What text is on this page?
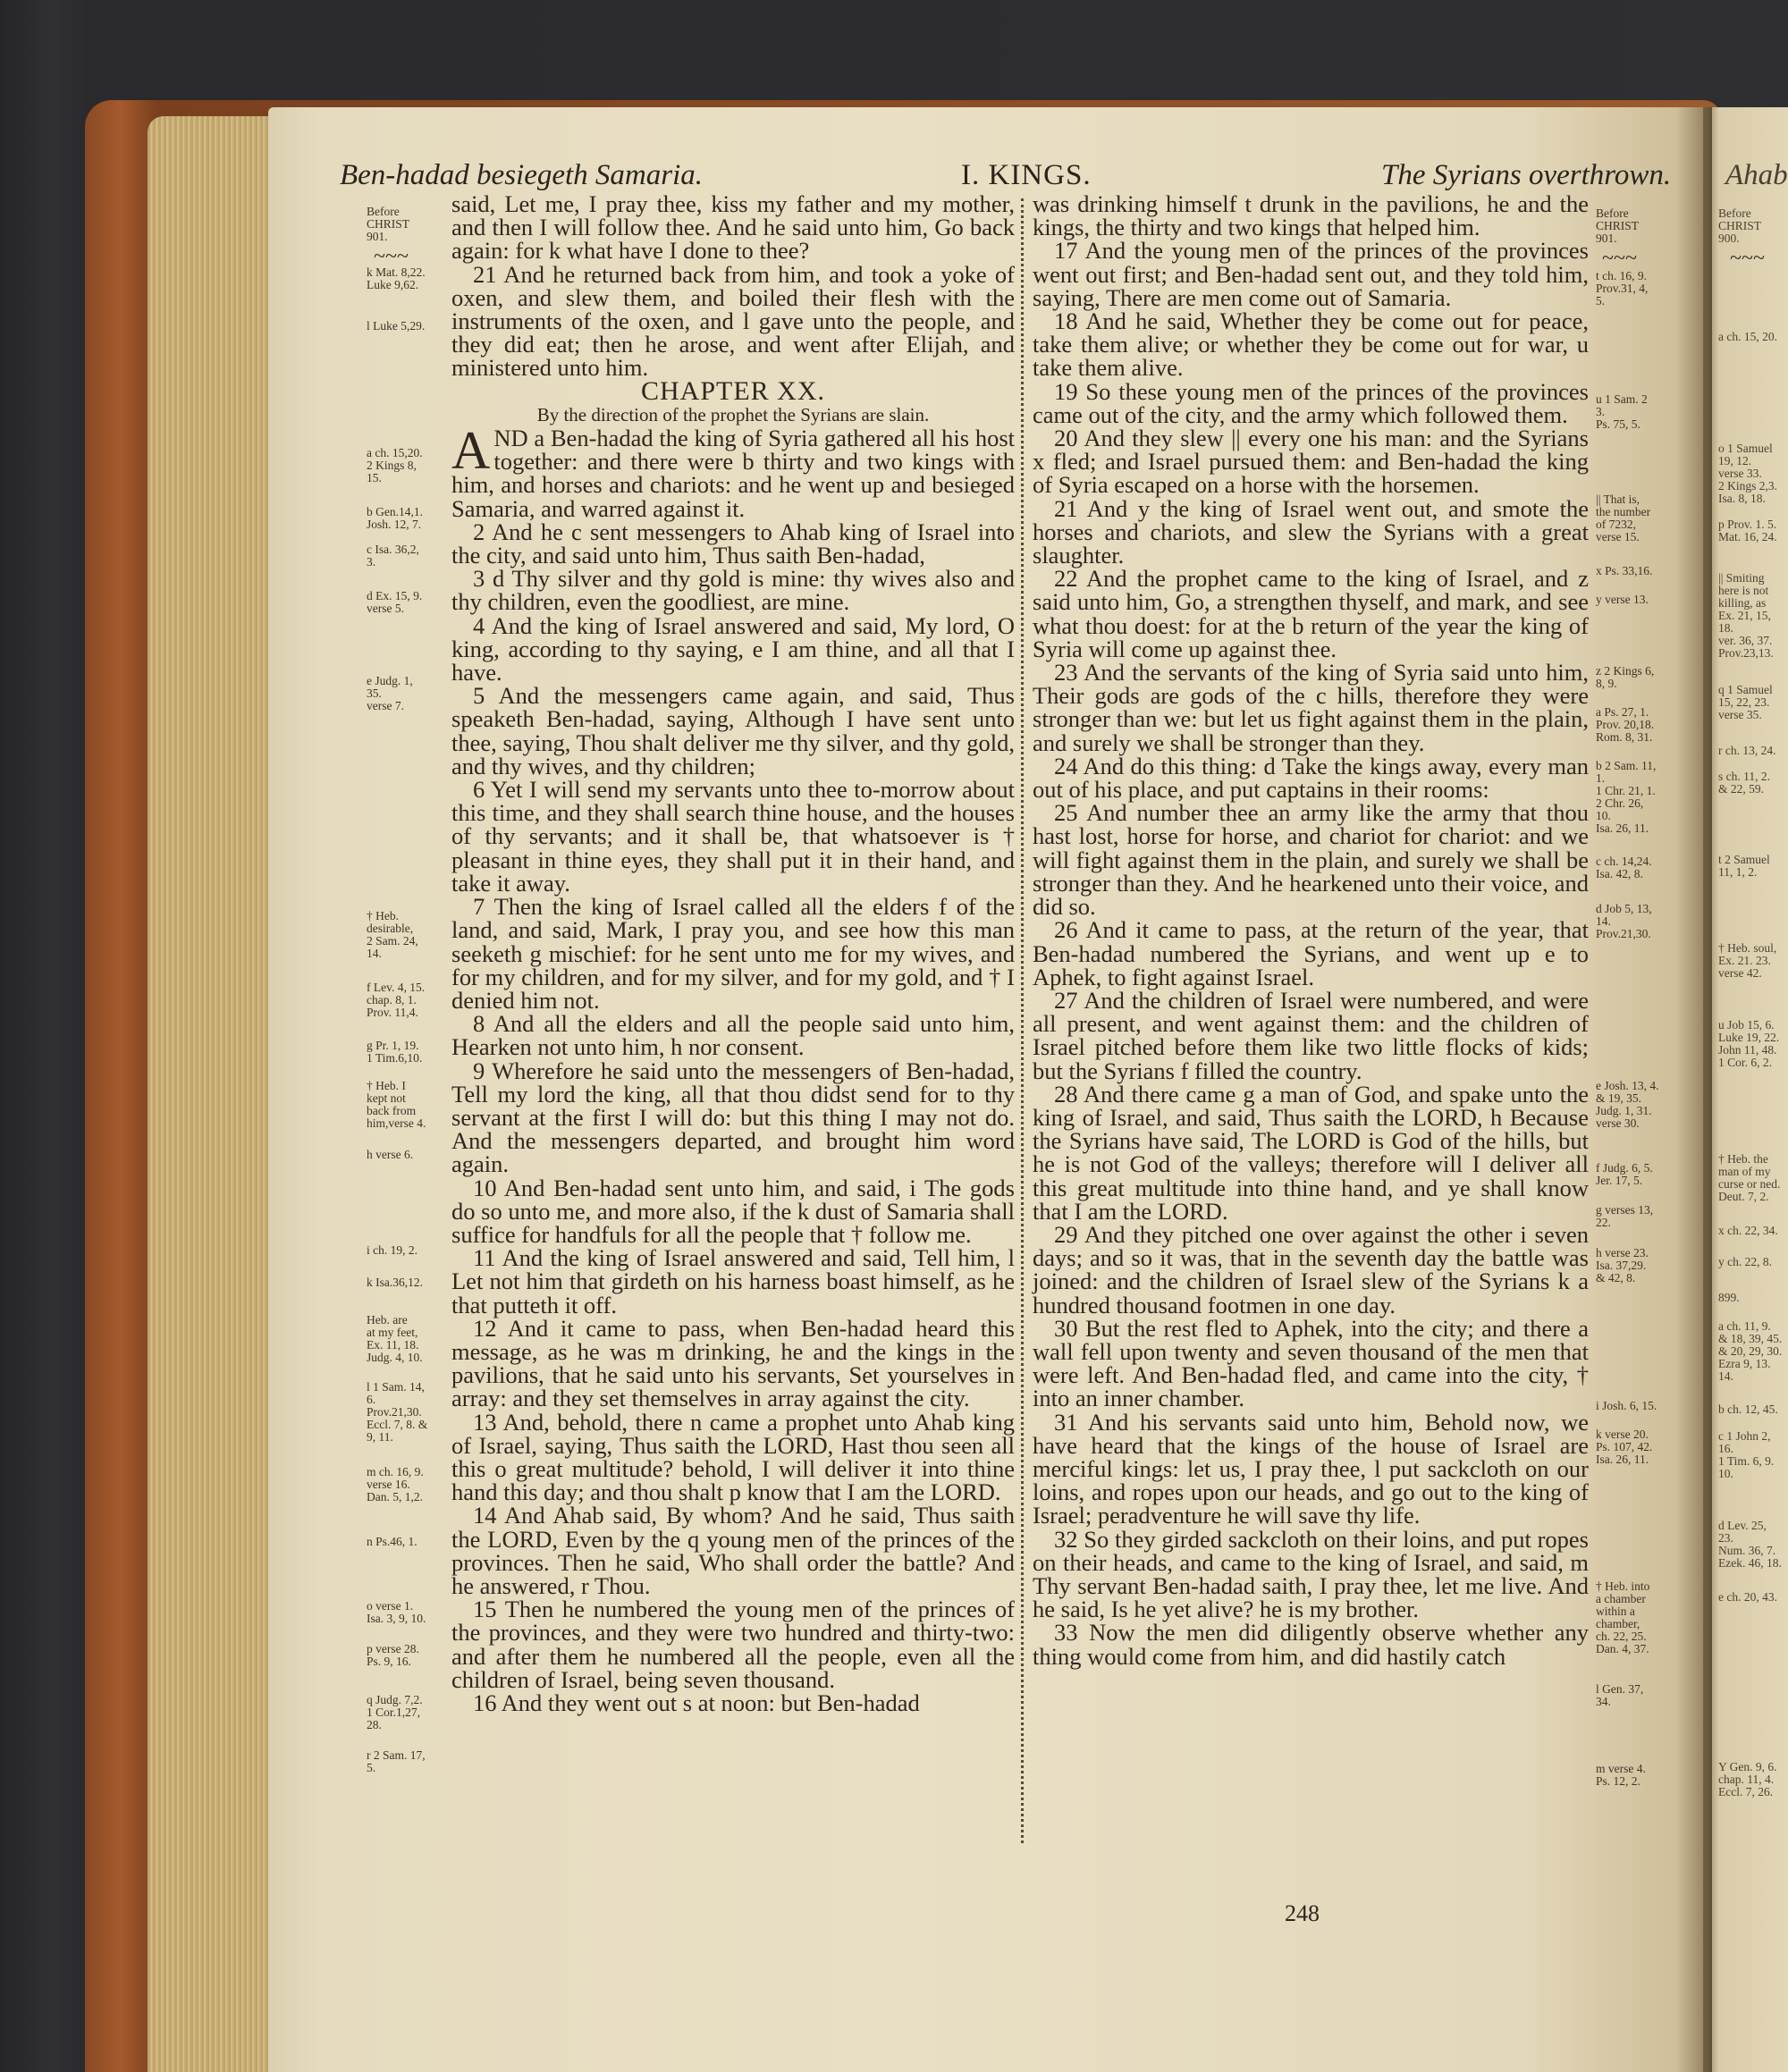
Ben-hadad besiegeth Samaria.	I. KINGS.	The Syrians overthrown. Ahab
~~~	~~~	~~~
Before
CHRIST
901.
k Mat. 8,22.
Luke 9,62.
l Luke 5,29.
a ch. 15,20.
2 Kings 8,
15.
b Gen.14,1.
Josh. 12, 7.
c Isa. 36,2,
3.
d Ex. 15, 9.
verse 5.
e Judg. 1,
35.
verse 7.
† Heb.
desirable,
2 Sam. 24,
14.
f Lev. 4, 15.
chap. 8, 1.
Prov. 11,4.
g Pr. 1, 19.
1 Tim.6,10.
† Heb. I
kept not
back from
him,verse 4.
h verse 6.
i ch. 19, 2.
k Isa.36,12.
Heb. are
at my feet,
Ex. 11, 18.
Judg. 4, 10.
l 1 Sam. 14,
6.
Prov.21,30.
Eccl. 7, 8. &
9, 11.
m ch. 16, 9.
verse 16.
Dan. 5, 1,2.
n Ps.46, 1.
o verse 1.
Isa. 3, 9, 10.
p verse 28.
Ps. 9, 16.
q Judg. 7,2.
1 Cor.1,27,
28.
r 2 Sam. 17,
5.
Before
CHRIST
901.
t ch. 16, 9.
Prov.31, 4,
5.
u 1 Sam. 2
3.
Ps. 75, 5.
|| That is,
the number
of 7232,
verse 15.
x Ps. 33,16.
y verse 13.
z 2 Kings 6,
8, 9.
a Ps. 27, 1.
Prov. 20,18.
Rom. 8, 31.
b 2 Sam. 11,
1.
1 Chr. 21, 1.
2 Chr. 26,
10.
Isa. 26, 11.
c ch. 14,24.
Isa. 42, 8.
d Job 5, 13,
14.
Prov.21,30.
e Josh. 13, 4.
& 19, 35.
Judg. 1, 31.
verse 30.
f Judg. 6, 5.
Jer. 17, 5.
g verses 13,
22.
h verse 23.
Isa. 37,29.
& 42, 8.
i Josh. 6, 15.
k verse 20.
Ps. 107, 42.
Isa. 26, 11.
† Heb. into
a chamber
within a
chamber,
ch. 22, 25.
Dan. 4, 37.
l Gen. 37,
34.
m verse 4.
Ps. 12, 2.
Before
CHRIST
900.
a ch. 15, 20.
o 1 Samuel
19, 12.
verse 33.
2 Kings 2,3.
Isa. 8, 18.
p Prov. 1. 5.
Mat. 16, 24.
|| Smiting
here is not
killing, as
Ex. 21, 15,
18.
ver. 36, 37.
Prov.23,13.
q 1 Samuel
15, 22, 23.
verse 35.
r ch. 13, 24.
s ch. 11, 2.
& 22, 59.
t 2 Samuel
11, 1, 2.
† Heb. soul,
Ex. 21. 23.
verse 42.
u Job 15, 6.
Luke 19, 22.
John 11, 48.
1 Cor. 6, 2.
† Heb. the
man of my
curse or ned.
Deut. 7, 2.
x ch. 22, 34.
y ch. 22, 8.
899.
a ch. 11, 9.
& 18, 39, 45.
& 20, 29, 30.
Ezra 9, 13.
14.
b ch. 12, 45.
c 1 John 2,
16.
1 Tim. 6, 9.
10.
d Lev. 25,
23.
Num. 36, 7.
Ezek. 46, 18.
e ch. 20, 43.
Y Gen. 9, 6.
chap. 11, 4.
Eccl. 7, 26.

said, Let me, I pray thee, kiss my father and my mother, and then I will follow thee. And he said unto him, Go back again: for k what have I done to thee?

21 And he returned back from him, and took a yoke of oxen, and slew them, and boiled their flesh with the instruments of the oxen, and l gave unto the people, and they did eat; then he arose, and went after Elijah, and ministered unto him.

CHAPTER XX.

By the direction of the prophet the Syrians are slain.

AND a Ben-hadad the king of Syria gathered all his host together: and there were b thirty and two kings with him, and horses and chariots: and he went up and besieged Samaria, and warred against it.

2 And he c sent messengers to Ahab king of Israel into the city, and said unto him, Thus saith Ben-hadad,

3 d Thy silver and thy gold is mine: thy wives also and thy children, even the goodliest, are mine.

4 And the king of Israel answered and said, My lord, O king, according to thy saying, e I am thine, and all that I have.

5 And the messengers came again, and said, Thus speaketh Ben-hadad, saying, Although I have sent unto thee, saying, Thou shalt deliver me thy silver, and thy gold, and thy wives, and thy children;

6 Yet I will send my servants unto thee to-morrow about this time, and they shall search thine house, and the houses of thy servants; and it shall be, that whatsoever is † pleasant in thine eyes, they shall put it in their hand, and take it away.

7 Then the king of Israel called all the elders f of the land, and said, Mark, I pray you, and see how this man seeketh g mischief: for he sent unto me for my wives, and for my children, and for my silver, and for my gold, and † I denied him not.

8 And all the elders and all the people said unto him, Hearken not unto him, h nor consent.

9 Wherefore he said unto the messengers of Ben-hadad, Tell my lord the king, all that thou didst send for to thy servant at the first I will do: but this thing I may not do. And the messengers departed, and brought him word again.

10 And Ben-hadad sent unto him, and said, i The gods do so unto me, and more also, if the k dust of Samaria shall suffice for handfuls for all the people that † follow me.

11 And the king of Israel answered and said, Tell him, l Let not him that girdeth on his harness boast himself, as he that putteth it off.

12 And it came to pass, when Ben-hadad heard this message, as he was m drinking, he and the kings in the pavilions, that he said unto his servants, Set yourselves in array: and they set themselves in array against the city.

13 And, behold, there n came a prophet unto Ahab king of Israel, saying, Thus saith the LORD, Hast thou seen all this o great multitude? behold, I will deliver it into thine hand this day; and thou shalt p know that I am the LORD.

14 And Ahab said, By whom? And he said, Thus saith the LORD, Even by the q young men of the princes of the provinces. Then he said, Who shall order the battle? And he answered, r Thou.

15 Then he numbered the young men of the princes of the provinces, and they were two hundred and thirty-two: and after them he numbered all the people, even all the children of Israel, being seven thousand.

16 And they went out s at noon: but Ben-hadad

was drinking himself t drunk in the pavilions, he and the kings, the thirty and two kings that helped him.

17 And the young men of the princes of the provinces went out first; and Ben-hadad sent out, and they told him, saying, There are men come out of Samaria.

18 And he said, Whether they be come out for peace, take them alive; or whether they be come out for war, u take them alive.

19 So these young men of the princes of the provinces came out of the city, and the army which followed them.

20 And they slew || every one his man: and the Syrians x fled; and Israel pursued them: and Ben-hadad the king of Syria escaped on a horse with the horsemen.

21 And y the king of Israel went out, and smote the horses and chariots, and slew the Syrians with a great slaughter.

22 And the prophet came to the king of Israel, and z said unto him, Go, a strengthen thyself, and mark, and see what thou doest: for at the b return of the year the king of Syria will come up against thee.

23 And the servants of the king of Syria said unto him, Their gods are gods of the c hills, therefore they were stronger than we: but let us fight against them in the plain, and surely we shall be stronger than they.

24 And do this thing: d Take the kings away, every man out of his place, and put captains in their rooms:

25 And number thee an army like the army that thou hast lost, horse for horse, and chariot for chariot: and we will fight against them in the plain, and surely we shall be stronger than they. And he hearkened unto their voice, and did so.

26 And it came to pass, at the return of the year, that Ben-hadad numbered the Syrians, and went up e to Aphek, to fight against Israel.

27 And the children of Israel were numbered, and were all present, and went against them: and the children of Israel pitched before them like two little flocks of kids; but the Syrians f filled the country.

28 And there came g a man of God, and spake unto the king of Israel, and said, Thus saith the LORD, h Because the Syrians have said, The LORD is God of the hills, but he is not God of the valleys; therefore will I deliver all this great multitude into thine hand, and ye shall know that I am the LORD.

29 And they pitched one over against the other i seven days; and so it was, that in the seventh day the battle was joined: and the children of Israel slew of the Syrians k a hundred thousand footmen in one day.

30 But the rest fled to Aphek, into the city; and there a wall fell upon twenty and seven thousand of the men that were left. And Ben-hadad fled, and came into the city, † into an inner chamber.

31 And his servants said unto him, Behold now, we have heard that the kings of the house of Israel are merciful kings: let us, I pray thee, l put sackcloth on our loins, and ropes upon our heads, and go out to the king of Israel; peradventure he will save thy life.

32 So they girded sackcloth on their loins, and put ropes on their heads, and came to the king of Israel, and said, m Thy servant Ben-hadad saith, I pray thee, let me live. And he said, Is he yet alive? he is my brother.

33 Now the men did diligently observe whether any thing would come from him, and did hastily catch

248
